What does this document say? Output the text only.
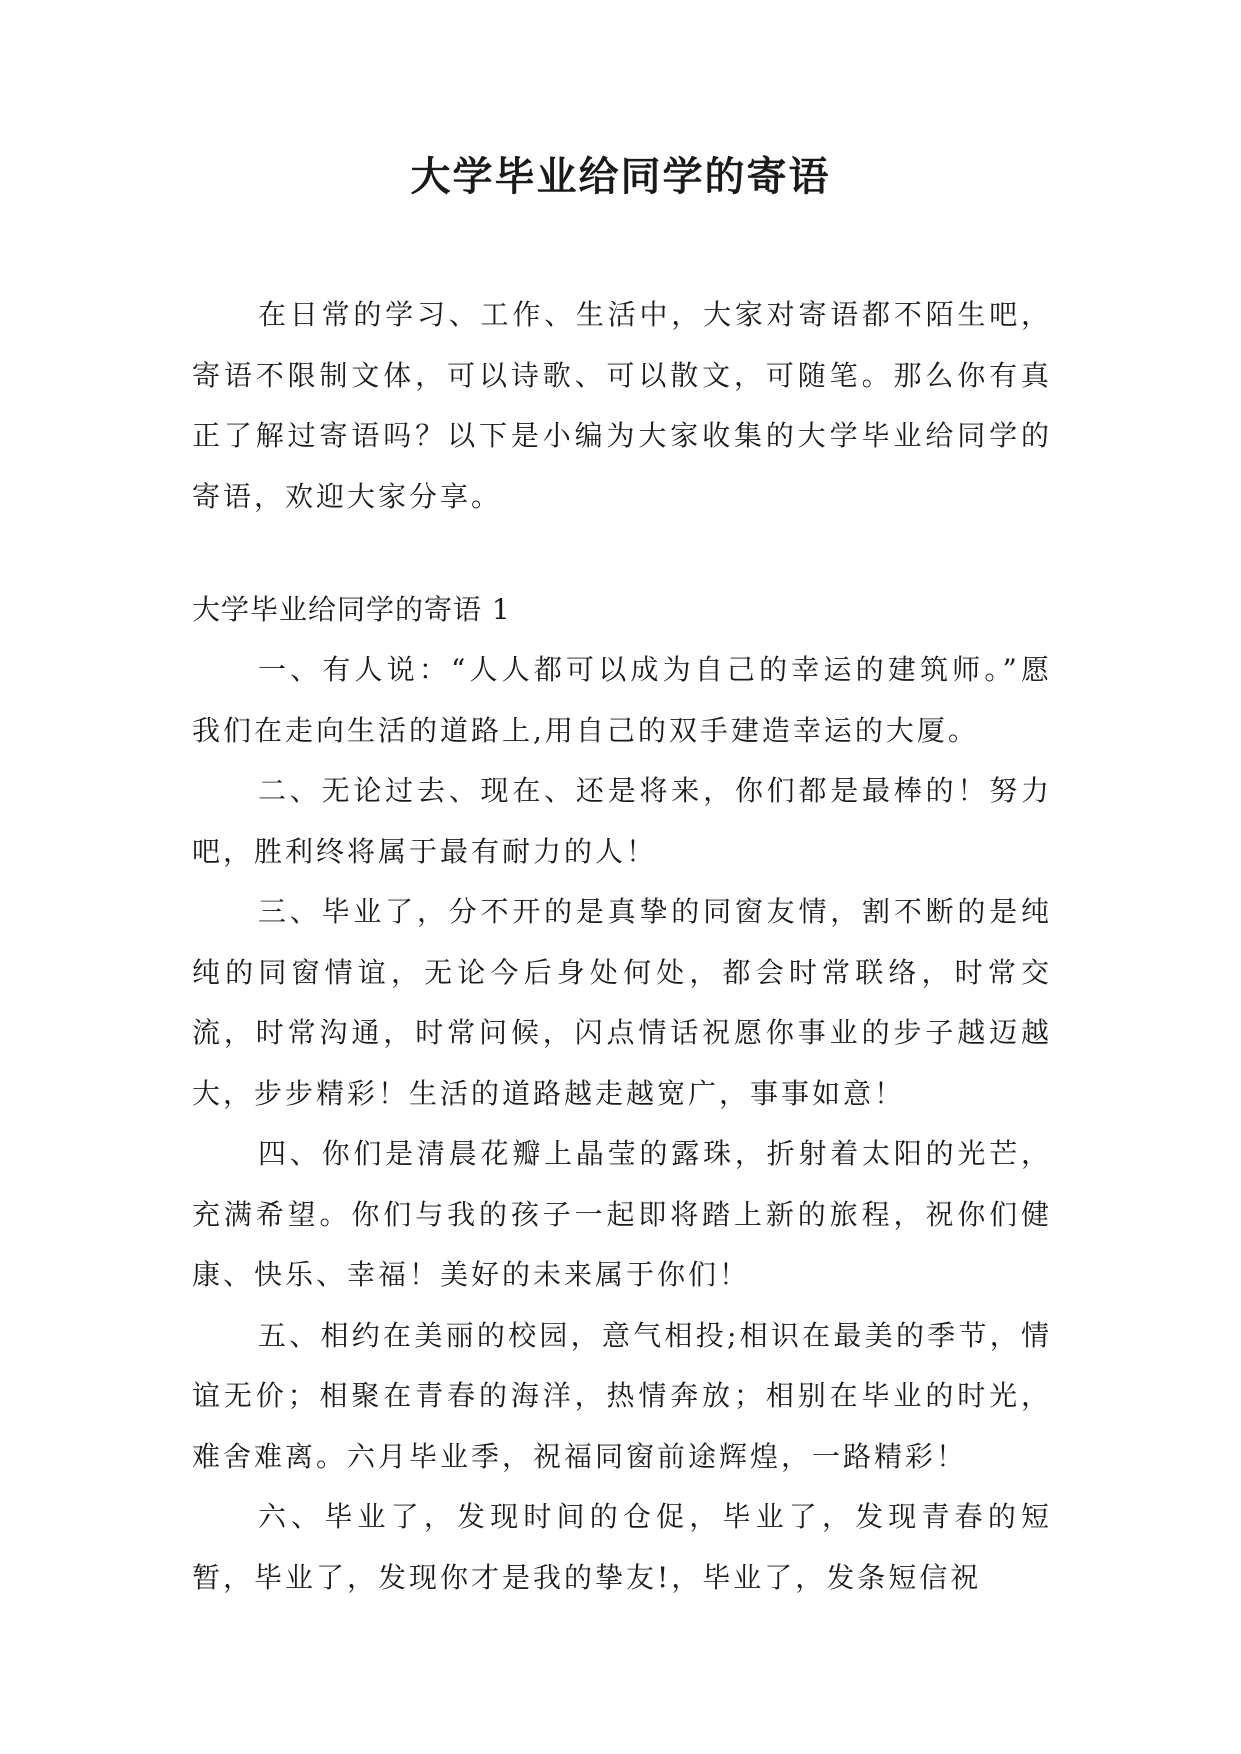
大学毕业给同学的寄语

在日常的学习、工作、生活中，大家对寄语都不陌生吧，寄语不限制文体，可以诗歌、可以散文，可随笔。那么你有真正了解过寄语吗？以下是小编为大家收集的大学毕业给同学的寄语，欢迎大家分享。

大学毕业给同学的寄语 1

一、有人说：“人人都可以成为自己的幸运的建筑师。”愿我们在走向生活的道路上,用自己的双手建造幸运的大厦。
二、无论过去、现在、还是将来，你们都是最棒的！努力吧，胜利终将属于最有耐力的人！
三、毕业了，分不开的是真挚的同窗友情，割不断的是纯纯的同窗情谊，无论今后身处何处，都会时常联络，时常交流，时常沟通，时常问候，闪点情话祝愿你事业的步子越迈越大，步步精彩！生活的道路越走越宽广，事事如意！
四、你们是清晨花瓣上晶莹的露珠，折射着太阳的光芒，充满希望。你们与我的孩子一起即将踏上新的旅程，祝你们健康、快乐、幸福！美好的未来属于你们！
五、相约在美丽的校园，意气相投;相识在最美的季节，情谊无价；相聚在青春的海洋，热情奔放；相别在毕业的时光，难舍难离。六月毕业季，祝福同窗前途辉煌，一路精彩！
六、毕业了，发现时间的仓促，毕业了，发现青春的短暂，毕业了，发现你才是我的挚友!，毕业了，发条短信祝
